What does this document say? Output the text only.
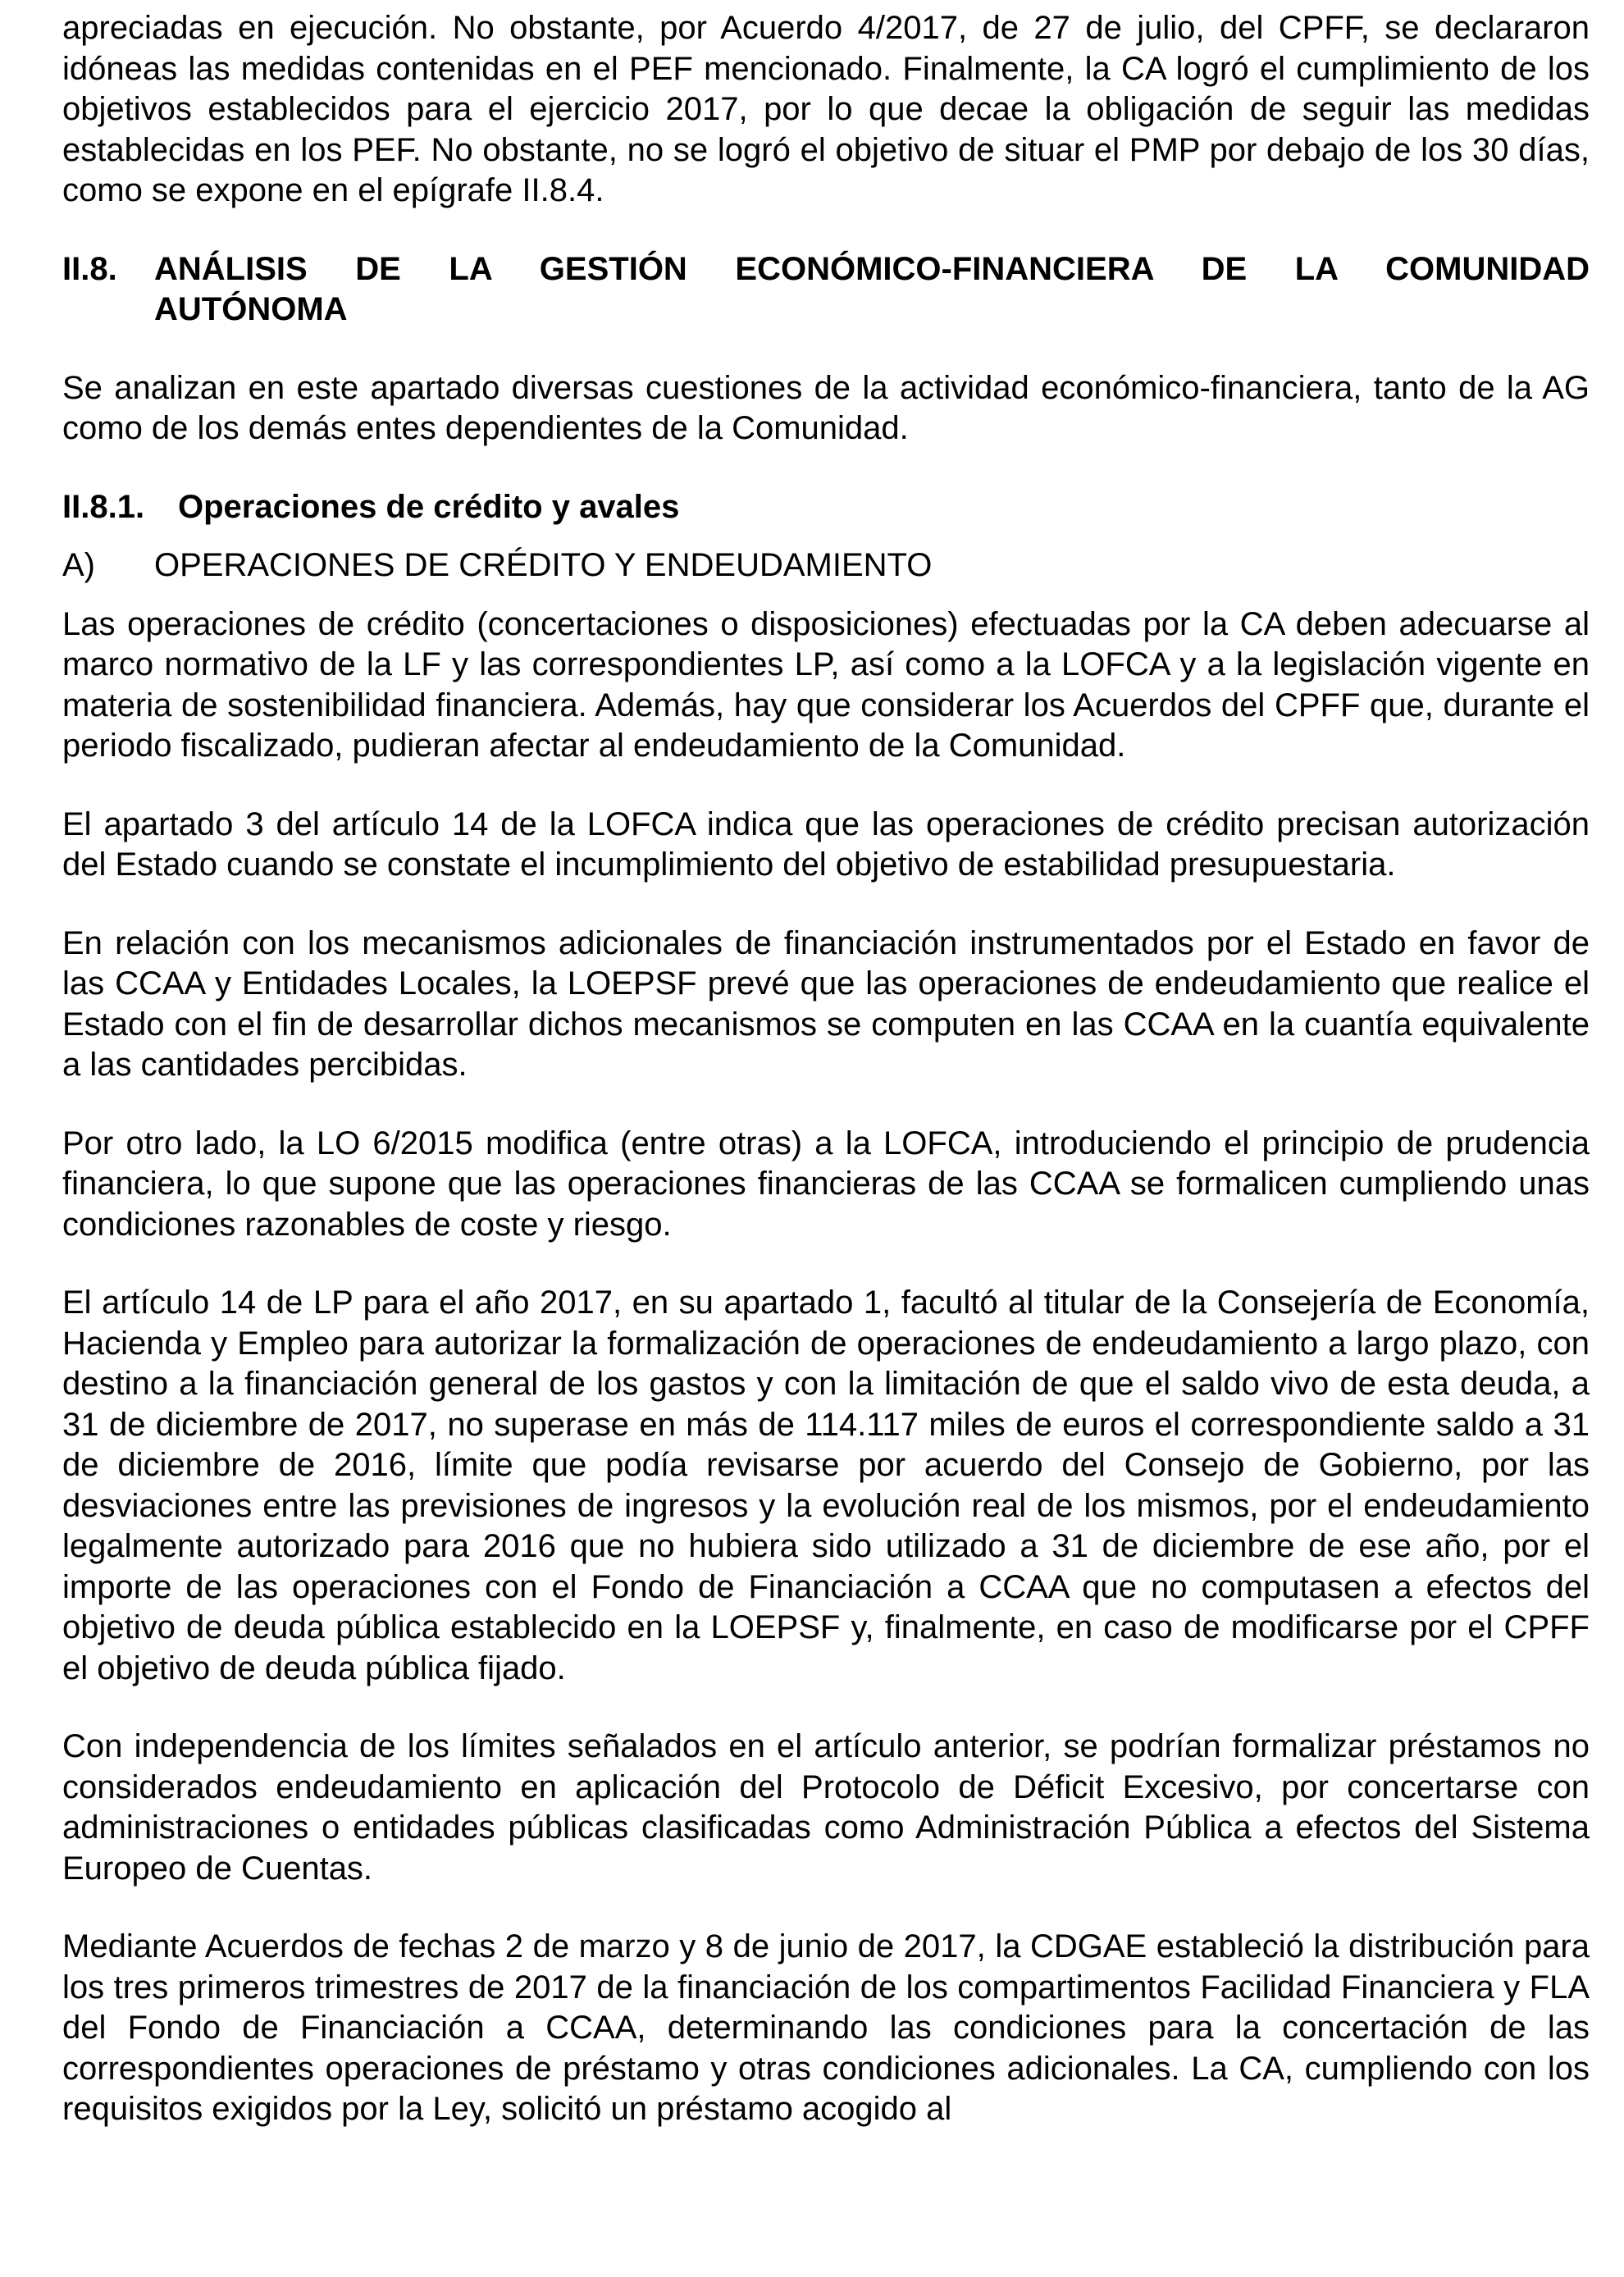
apreciadas en ejecución. No obstante, por Acuerdo 4/2017, de 27 de julio, del CPFF, se declararon idóneas las medidas contenidas en el PEF mencionado. Finalmente, la CA logró el cumplimiento de los objetivos establecidos para el ejercicio 2017, por lo que decae la obligación de seguir las medidas establecidas en los PEF. No obstante, no se logró el objetivo de situar el PMP por debajo de los 30 días, como se expone en el epígrafe II.8.4.

II.8.	ANÁLISIS DE LA GESTIÓN ECONÓMICO-FINANCIERA DE LA COMUNIDAD
AUTÓNOMA

Se analizan en este apartado diversas cuestiones de la actividad económico-financiera, tanto de la AG como de los demás entes dependientes de la Comunidad.

II.8.1. Operaciones de crédito y avales
A)	OPERACIONES DE CRÉDITO Y ENDEUDAMIENTO

Las operaciones de crédito (concertaciones o disposiciones) efectuadas por la CA deben adecuarse al marco normativo de la LF y las correspondientes LP, así como a la LOFCA y a la legislación vigente en materia de sostenibilidad financiera. Además, hay que considerar los Acuerdos del CPFF que, durante el periodo fiscalizado, pudieran afectar al endeudamiento de la Comunidad.

El apartado 3 del artículo 14 de la LOFCA indica que las operaciones de crédito precisan autorización del Estado cuando se constate el incumplimiento del objetivo de estabilidad presupuestaria.

En relación con los mecanismos adicionales de financiación instrumentados por el Estado en favor de las CCAA y Entidades Locales, la LOEPSF prevé que las operaciones de endeudamiento que realice el Estado con el fin de desarrollar dichos mecanismos se computen en las CCAA en la cuantía equivalente a las cantidades percibidas.

Por otro lado, la LO 6/2015 modifica (entre otras) a la LOFCA, introduciendo el principio de prudencia financiera, lo que supone que las operaciones financieras de las CCAA se formalicen cumpliendo unas condiciones razonables de coste y riesgo.

El artículo 14 de LP para el año 2017, en su apartado 1, facultó al titular de la Consejería de Economía, Hacienda y Empleo para autorizar la formalización de operaciones de endeudamiento a largo plazo, con destino a la financiación general de los gastos y con la limitación de que el saldo vivo de esta deuda, a 31 de diciembre de 2017, no superase en más de 114.117 miles de euros el correspondiente saldo a 31 de diciembre de 2016, límite que podía revisarse por acuerdo del Consejo de Gobierno, por las desviaciones entre las previsiones de ingresos y la evolución real de los mismos, por el endeudamiento legalmente autorizado para 2016 que no hubiera sido utilizado a 31 de diciembre de ese año, por el importe de las operaciones con el Fondo de Financiación a CCAA que no computasen a efectos del objetivo de deuda pública establecido en la LOEPSF y, finalmente, en caso de modificarse por el CPFF el objetivo de deuda pública fijado.

Con independencia de los límites señalados en el artículo anterior, se podrían formalizar préstamos no considerados endeudamiento en aplicación del Protocolo de Déficit Excesivo, por concertarse con administraciones o entidades públicas clasificadas como Administración Pública a efectos del Sistema Europeo de Cuentas.

Mediante Acuerdos de fechas 2 de marzo y 8 de junio de 2017, la CDGAE estableció la distribución para los tres primeros trimestres de 2017 de la financiación de los compartimentos Facilidad Financiera y FLA del Fondo de Financiación a CCAA, determinando las condiciones para la concertación de las correspondientes operaciones de préstamo y otras condiciones adicionales. La CA, cumpliendo con los requisitos exigidos por la Ley, solicitó un préstamo acogido al
